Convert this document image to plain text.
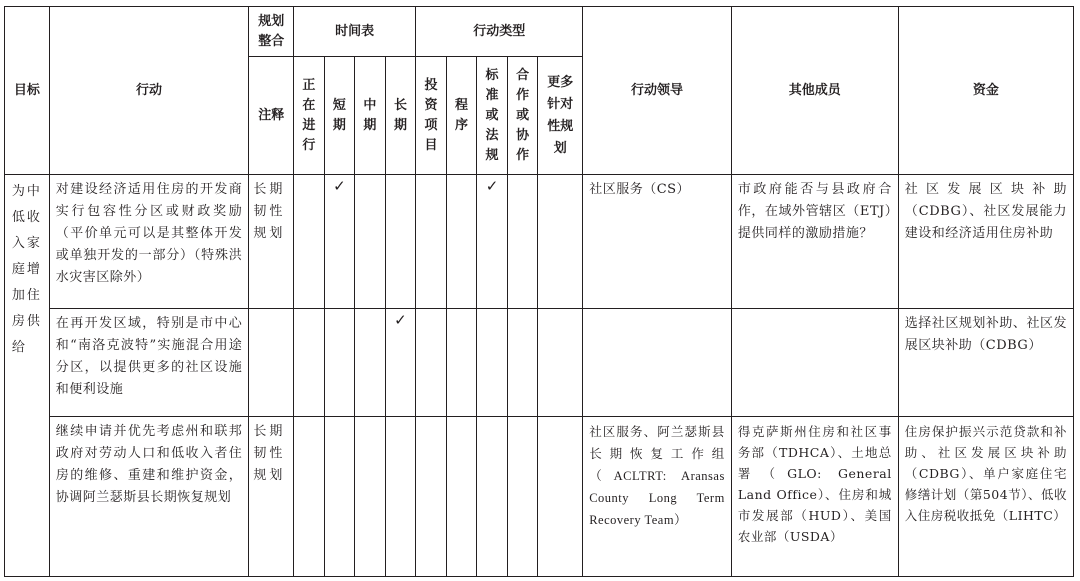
目标	行动	规划整合	时间表				行动类型					行动领导	其他成员	资金
		注释	正在进行	短期	中期	长期	投资项目	程序	标准或法规	合作或协作	更多针对性规划			

为中低收入家庭增加住房供给	对建设经济适用住房的开发商实行包容性分区或财政奖励（平价单元可以是其整体开发或单独开发的一部分）（特殊洪水灾害区除外）	长期韧性规划		✓					✓			社区服务（CS）	市政府能否与县政府合作，在域外管辖区（ETJ）提供同样的激励措施？	社区发展区块补助（CDBG）、社区发展能力建设和经济适用住房补助

	在再开发区域，特别是市中心和“南洛克波特”实施混合用途分区，以提供更多的社区设施和便利设施					✓								选择社区规划补助、社区发展区块补助（CDBG）

	继续申请并优先考虑州和联邦政府对劳动人口和低收入者住房的维修、重建和维护资金，协调阿兰瑟斯县长期恢复规划	长期韧性规划										社区服务、阿兰瑟斯县长期恢复工作组（ACLTRT: Aransas County Long Term Recovery Team）	得克萨斯州住房和社区事务部（TDHCA）、土地总署（GLO: General Land Office）、住房和城市发展部（HUD）、美国农业部（USDA）	住房保护振兴示范贷款和补助、社区发展区块补助（CDBG）、单户家庭住宅修缮计划（第504节）、低收入住房税收抵免（LIHTC）
